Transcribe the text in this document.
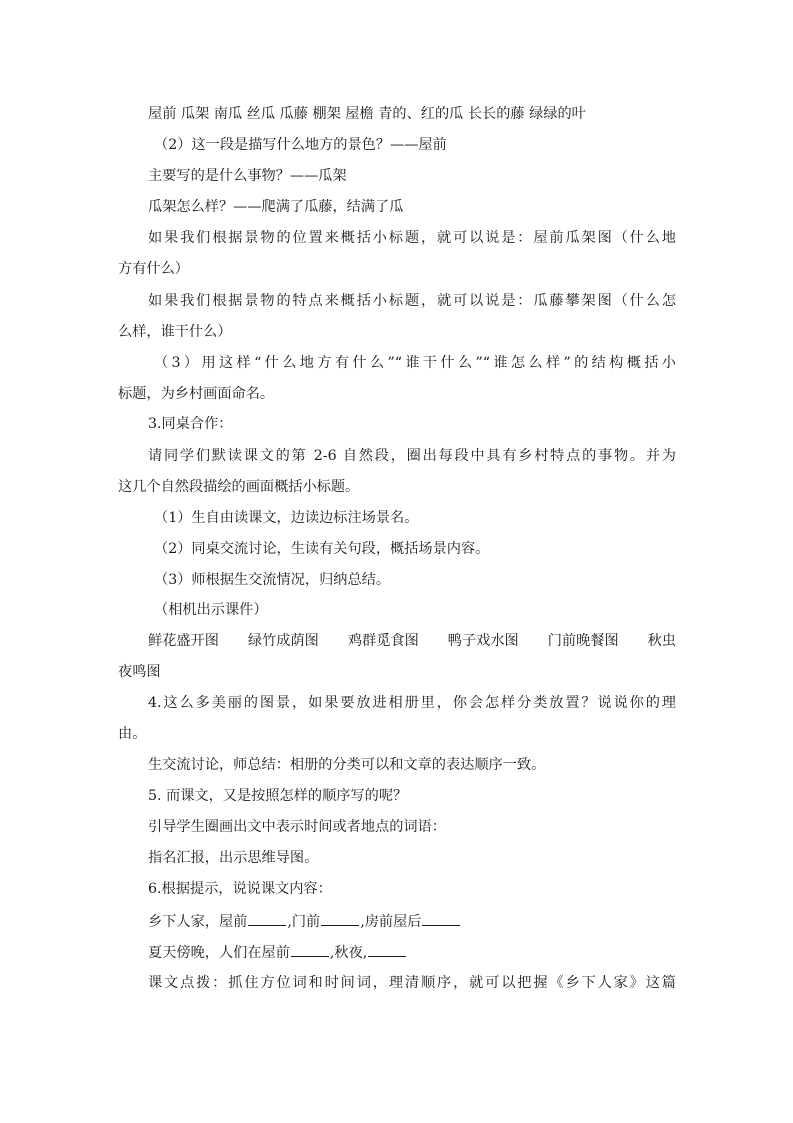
屋前 瓜架 南瓜 丝瓜 瓜藤 棚架 屋檐 青的、红的瓜 长长的藤 绿绿的叶
（2）这一段是描写什么地方的景色？——屋前
主要写的是什么事物？——瓜架
瓜架怎么样？——爬满了瓜藤，结满了瓜
如果我们根据景物的位置来概括小标题，就可以说是：屋前瓜架图（什么地
方有什么）
如果我们根据景物的特点来概括小标题，就可以说是：瓜藤攀架图（什么怎
么样，谁干什么）
（3）用这样“什么地方有什么”“谁干什么”“谁怎么样”的结构概括小
标题，为乡村画面命名。
3.同桌合作：
请同学们默读课文的第 2-6 自然段，圈出每段中具有乡村特点的事物。并为
这几个自然段描绘的画面概括小标题。
（1）生自由读课文，边读边标注场景名。
（2）同桌交流讨论，生读有关句段，概括场景内容。
（3）师根据生交流情况，归纳总结。
（相机出示课件）
鲜花盛开图 绿竹成荫图 鸡群觅食图 鸭子戏水图 门前晚餐图 秋虫
夜鸣图
4.这么多美丽的图景，如果要放进相册里，你会怎样分类放置？说说你的理
由。
生交流讨论，师总结：相册的分类可以和文章的表达顺序一致。
5. 而课文，又是按照怎样的顺序写的呢？
引导学生圈画出文中表示时间或者地点的词语：
指名汇报，出示思维导图。
6.根据提示，说说课文内容：
乡下人家，屋前	,门前	,房前屋后
夏天傍晚，人们在屋前	,秋夜,
课文点拨：抓住方位词和时间词，理清顺序，就可以把握《乡下人家》这篇
